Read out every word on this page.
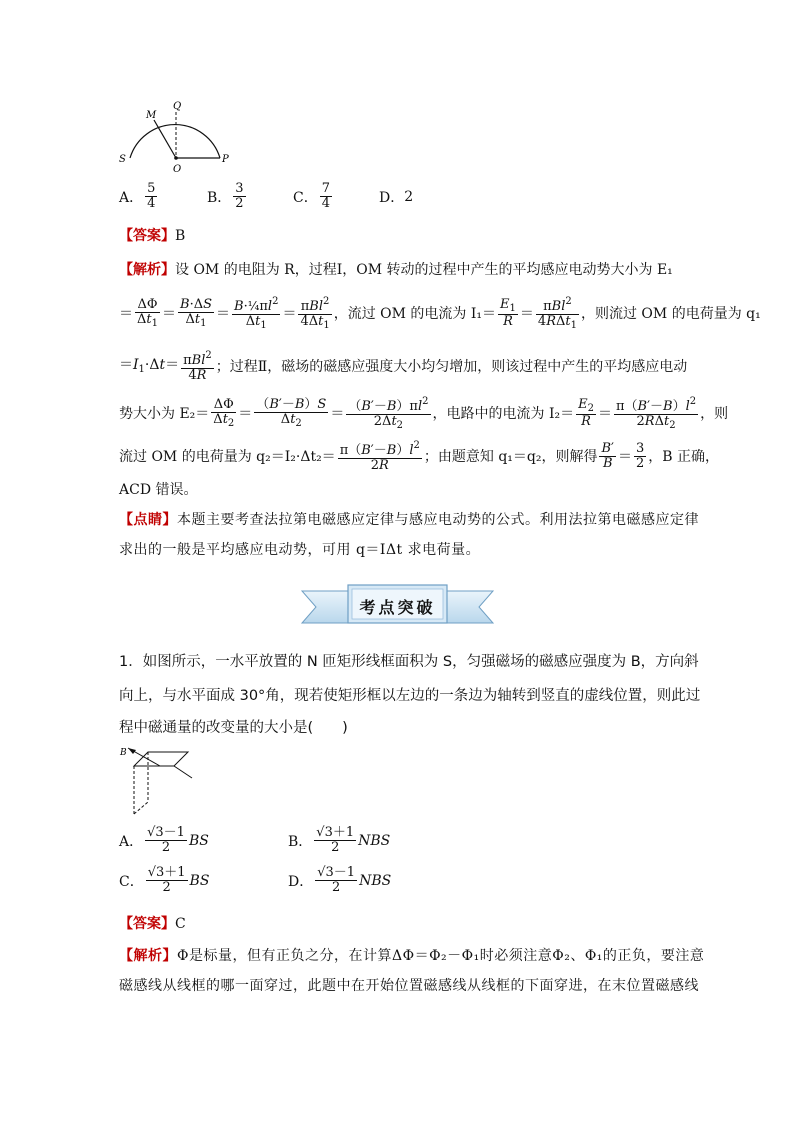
M
Q
S
O
P
A． $\frac{5}{4}$	B． $\frac{3}{2}$	C． $\frac{7}{4}$	D． 2
【答案】B
【解析】设 OM 的电阻为 R，过程Ⅰ，OM 转动的过程中产生的平均感应电动势大小为 E₁
＝ $\frac{\Delta\Phi}{\Delta t_1} = \frac{B\cdot\Delta S}{\Delta t_1} = \frac{B\cdot\frac{1}{4}\pi l^2}{\Delta t_1} = \frac{\pi Bl^2}{4\Delta t_1}$ ，流过 OM 的电流为 $I_1= \frac{E_1}{R} = \frac{\pi Bl^2}{4R\Delta t_1}$ ，则流过 OM 的电荷量为 q₁
$=I_1\cdot\Delta t= \frac{\pi Bl^2}{4R}$ ；过程Ⅱ，磁场的磁感应强度大小均匀增加，则该过程中产生的平均感应电动
势大小为 $E_2= \frac{\Delta\Phi}{\Delta t_2} = \frac{(B'-B)S}{\Delta t_2} = \frac{(B'-B)\pi l^2}{2\Delta t_2}$ ，电路中的电流为 $I_2= \frac{E_2}{R} = \frac{\pi(B'-B)l^2}{2R\Delta t_2}$ ，则
流过 OM 的电荷量为 $q_2=I_2\cdot\Delta t_2= \frac{\pi(B'-B)l^2}{2R}$ ；由题意知 q₁＝q₂，则解得 $\frac{B'}{B} = \frac{3}{2}$ ，B 正确，
ACD 错误。
【点睛】本题主要考查法拉第电磁感应定律与感应电动势的公式。利用法拉第电磁感应定律
求出的一般是平均感应电动势，可用 q＝IΔt 求电荷量。
考点突破
1．如图所示，一水平放置的 N 匝矩形线框面积为 S，匀强磁场的磁感应强度为 B，方向斜
向上，与水平面成 30°角，现若使矩形框以左边的一条边为轴转到竖直的虚线位置，则此过
程中磁通量的改变量的大小是(　　)
B
A． $\frac{√3-1}{2}$ BS	B． $\frac{√3+1}{2}$ NBS
C． $\frac{√3+1}{2}$ BS	D． $\frac{√3-1}{2}$ NBS
【答案】C
【解析】Φ是标量，但有正负之分，在计算ΔΦ＝Φ₂－Φ₁时必须注意Φ₂、Φ₁的正负，要注意
磁感线从线框的哪一面穿过，此题中在开始位置磁感线从线框的下面穿进，在末位置磁感线
